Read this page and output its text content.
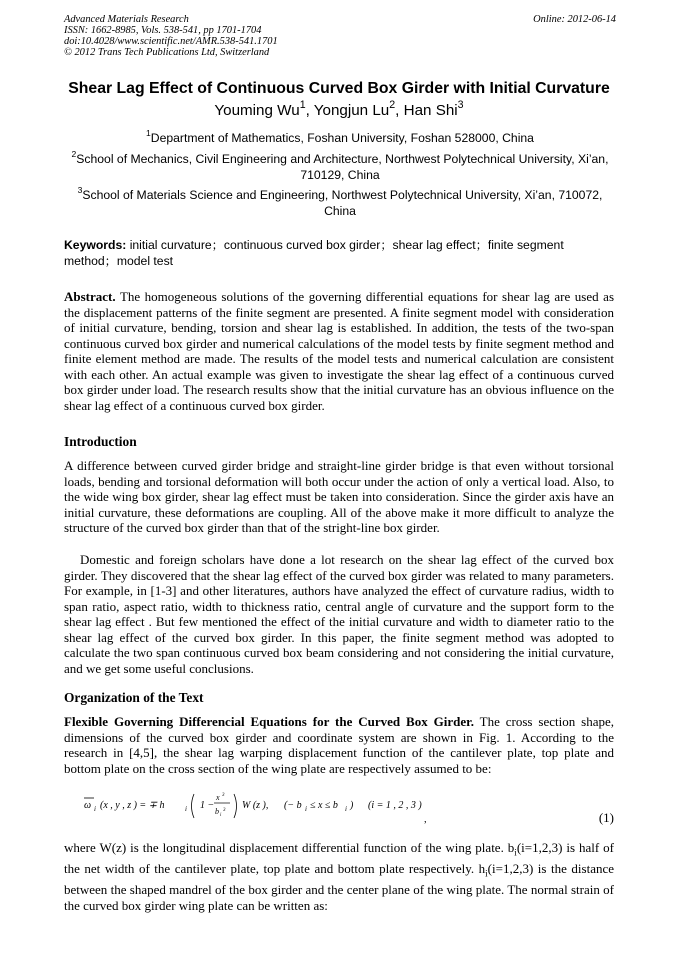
Advanced Materials Research
ISSN: 1662-8985, Vols. 538-541, pp 1701-1704
doi:10.4028/www.scientific.net/AMR.538-541.1701
© 2012 Trans Tech Publications Ltd, Switzerland
Online: 2012-06-14
Shear Lag Effect of Continuous Curved Box Girder with Initial Curvature
Youming Wu$^1$, Yongjun Lu$^2$, Han Shi$^3$
$^1$Department of Mathematics, Foshan University, Foshan 528000, China
$^2$School of Mechanics, Civil Engineering and Architecture, Northwest Polytechnical University, Xi’an, 710129, China
$^3$School of Materials Science and Engineering, Northwest Polytechnical University, Xi’an, 710072, China
Keywords: initial curvature；continuous curved box girder；shear lag effect；finite segment method；model test
Abstract. The homogeneous solutions of the governing differential equations for shear lag are used as the displacement patterns of the finite segment are presented. A finite segment model with consideration of initial curvature, bending, torsion and shear lag is established. In addition, the tests of the two-span continuous curved box girder and numerical calculations of the model tests by finite segment method and finite element method are made. The results of the model tests and numerical calculation are consistent with each other. An actual example was given to investigate the shear lag effect of a continuous curved box girder under load. The research results show that the initial curvature has an obvious influence on the shear lag effect of a continuous curved box girder.
Introduction
A difference between curved girder bridge and straight-line girder bridge is that even without torsional loads, bending and torsional deformation will both occur under the action of only a vertical load. Also, to the wide wing box girder, shear lag effect must be taken into consideration. Since the girder axis have an initial curvature, these deformations are coupling. All of the above make it more difficult to analyze the structure of the curved box girder than that of the stright-line box girder.
Domestic and foreign scholars have done a lot research on the shear lag effect of the curved box girder. They discovered that the shear lag effect of the curved box girder was related to many parameters. For example, in [1-3] and other literatures, authors have analyzed the effect of curvature radius, width to span ratio, aspect ratio, width to thickness ratio, central angle of curvature and the support form to the shear lag effect . But few mentioned the effect of the initial curvature and width to diameter ratio to the shear lag effect of the curved box girder. In this paper, the finite segment method was adopted to calculate the two span continuous curved box beam considering and not considering the initial curvature, and we get some useful conclusions.
Organization of the Text
Flexible Governing Differencial Equations for the Curved Box Girder. The cross section shape, dimensions of the curved box girder and coordinate system are shown in Fig. 1. According to the research in [4,5], the shear lag warping displacement function of the cantilever plate, top plate and bottom plate on the cross section of the wing plate are respectively assumed to be:
ω i (x , y , z ) = ∓ h	i 1 −
x 3
b i
3 W (z ), (− b i ≤ x ≤ b i ) (i = 1 , 2 , 3 )
,	(1)
where W(z) is the longitudinal displacement differential function of the wing plate. $b_i(i=1,2,3)$ is half of the net width of the cantilever plate, top plate and bottom plate respectively. $h_i(i=1,2,3)$ is the distance between the shaped mandrel of the box girder and the center plane of the wing plate. The normal strain of the curved box girder wing plate can be written as:
